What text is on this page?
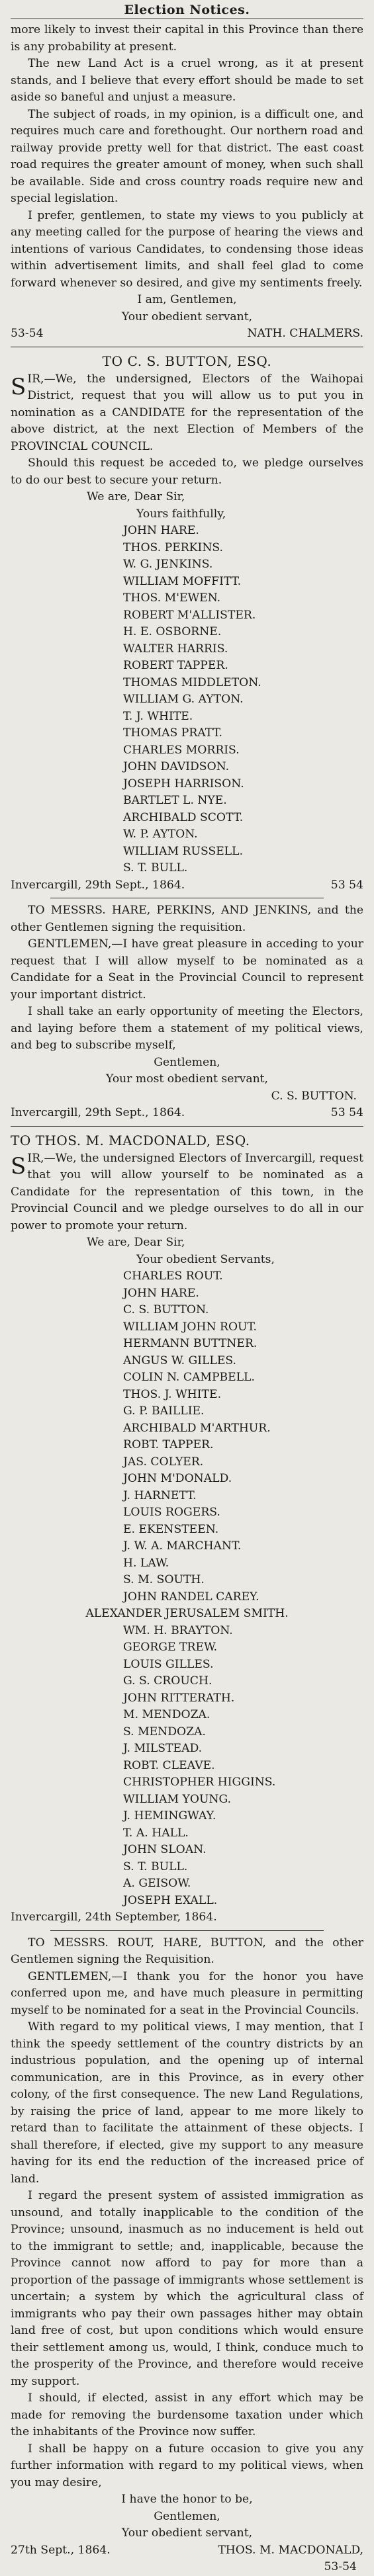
Election Notices.

more likely to invest their capital in this Province than there is any probability at present.

The new Land Act is a cruel wrong, as it at present stands, and I believe that every effort should be made to set aside so baneful and unjust a measure.

The subject of roads, in my opinion, is a difficult one, and requires much care and forethought. Our northern road and railway provide pretty well for that district. The east coast road requires the greater amount of money, when such shall be available. Side and cross country roads require new and special legislation.

I prefer, gentlemen, to state my views to you publicly at any meeting called for the purpose of hearing the views and intentions of various Candidates, to condensing those ideas within advertisement limits, and shall feel glad to come forward whenever so desired, and give my sentiments freely.

I am, Gentlemen,
Your obedient servant,
53-54	NATH. CHALMERS.
TO C. S. BUTTON, ESQ.

S IR,—We, the undersigned, Electors of the Waihopai District, request that you will allow us to put you in nomination as a CANDIDATE for the representation of the above district, at the next Election of Members of the PROVINCIAL COUNCIL.

Should this request be acceded to, we pledge ourselves to do our best to secure your return.

We are, Dear Sir,
Yours faithfully,
JOHN HARE.
THOS. PERKINS.
W. G. JENKINS.
WILLIAM MOFFITT.
THOS. M'EWEN.
ROBERT M'ALLISTER.
H. E. OSBORNE.
WALTER HARRIS.
ROBERT TAPPER.
THOMAS MIDDLETON.
WILLIAM G. AYTON.
T. J. WHITE.
THOMAS PRATT.
CHARLES MORRIS.
JOHN DAVIDSON.
JOSEPH HARRISON.
BARTLET L. NYE.
ARCHIBALD SCOTT.
W. P. AYTON.
WILLIAM RUSSELL.
S. T. BULL.
Invercargill, 29th Sept., 1864.	53 54

TO MESSRS. HARE, PERKINS, AND JENKINS, and the other Gentlemen signing the requisition.

GENTLEMEN,—I have great pleasure in acceding to your request that I will allow myself to be nominated as a Candidate for a Seat in the Provincial Council to represent your important district.

I shall take an early opportunity of meeting the Electors, and laying before them a statement of my political views, and beg to subscribe myself,

Gentlemen,
Your most obedient servant,
C. S. BUTTON.
Invercargill, 29th Sept., 1864.	53 54
TO THOS. M. MACDONALD, ESQ.

S IR,—We, the undersigned Electors of Invercargill, request that you will allow yourself to be nominated as a Candidate for the representation of this town, in the Provincial Council and we pledge ourselves to do all in our power to promote your return.

We are, Dear Sir,
Your obedient Servants,
CHARLES ROUT.
JOHN HARE.
C. S. BUTTON.
WILLIAM JOHN ROUT.
HERMANN BUTTNER.
ANGUS W. GILLES.
COLIN N. CAMPBELL.
THOS. J. WHITE.
G. P. BAILLIE.
ARCHIBALD M'ARTHUR.
ROBT. TAPPER.
JAS. COLYER.
JOHN M'DONALD.
J. HARNETT.
LOUIS ROGERS.
E. EKENSTEEN.
J. W. A. MARCHANT.
H. LAW.
S. M. SOUTH.
JOHN RANDEL CAREY.
ALEXANDER JERUSALEM SMITH.
WM. H. BRAYTON.
GEORGE TREW.
LOUIS GILLES.
G. S. CROUCH.
JOHN RITTERATH.
M. MENDOZA.
S. MENDOZA.
J. MILSTEAD.
ROBT. CLEAVE.
CHRISTOPHER HIGGINS.
WILLIAM YOUNG.
J. HEMINGWAY.
T. A. HALL.
JOHN SLOAN.
S. T. BULL.
A. GEISOW.
JOSEPH EXALL.
Invercargill, 24th September, 1864.

TO MESSRS. ROUT, HARE, BUTTON, and the other Gentlemen signing the Requisition.

GENTLEMEN,—I thank you for the honor you have conferred upon me, and have much pleasure in permitting myself to be nominated for a seat in the Provincial Councils.

With regard to my political views, I may mention, that I think the speedy settlement of the country districts by an industrious population, and the opening up of internal communication, are in this Province, as in every other colony, of the first consequence. The new Land Regulations, by raising the price of land, appear to me more likely to retard than to facilitate the attainment of these objects. I shall therefore, if elected, give my support to any measure having for its end the reduction of the increased price of land.

I regard the present system of assisted immigration as unsound, and totally inapplicable to the condition of the Province; unsound, inasmuch as no inducement is held out to the immigrant to settle; and, inapplicable, because the Province cannot now afford to pay for more than a proportion of the passage of immigrants whose settlement is uncertain; a system by which the agricultural class of immigrants who pay their own passages hither may obtain land free of cost, but upon conditions which would ensure their settlement among us, would, I think, conduce much to the prosperity of the Province, and therefore would receive my support.

I should, if elected, assist in any effort which may be made for removing the burdensome taxation under which the inhabitants of the Province now suffer.

I shall be happy on a future occasion to give you any further information with regard to my political views, when you may desire,

I have the honor to be,
Gentlemen,
Your obedient servant,
27th Sept., 1864.	THOS. M. MACDONALD,
53-54
